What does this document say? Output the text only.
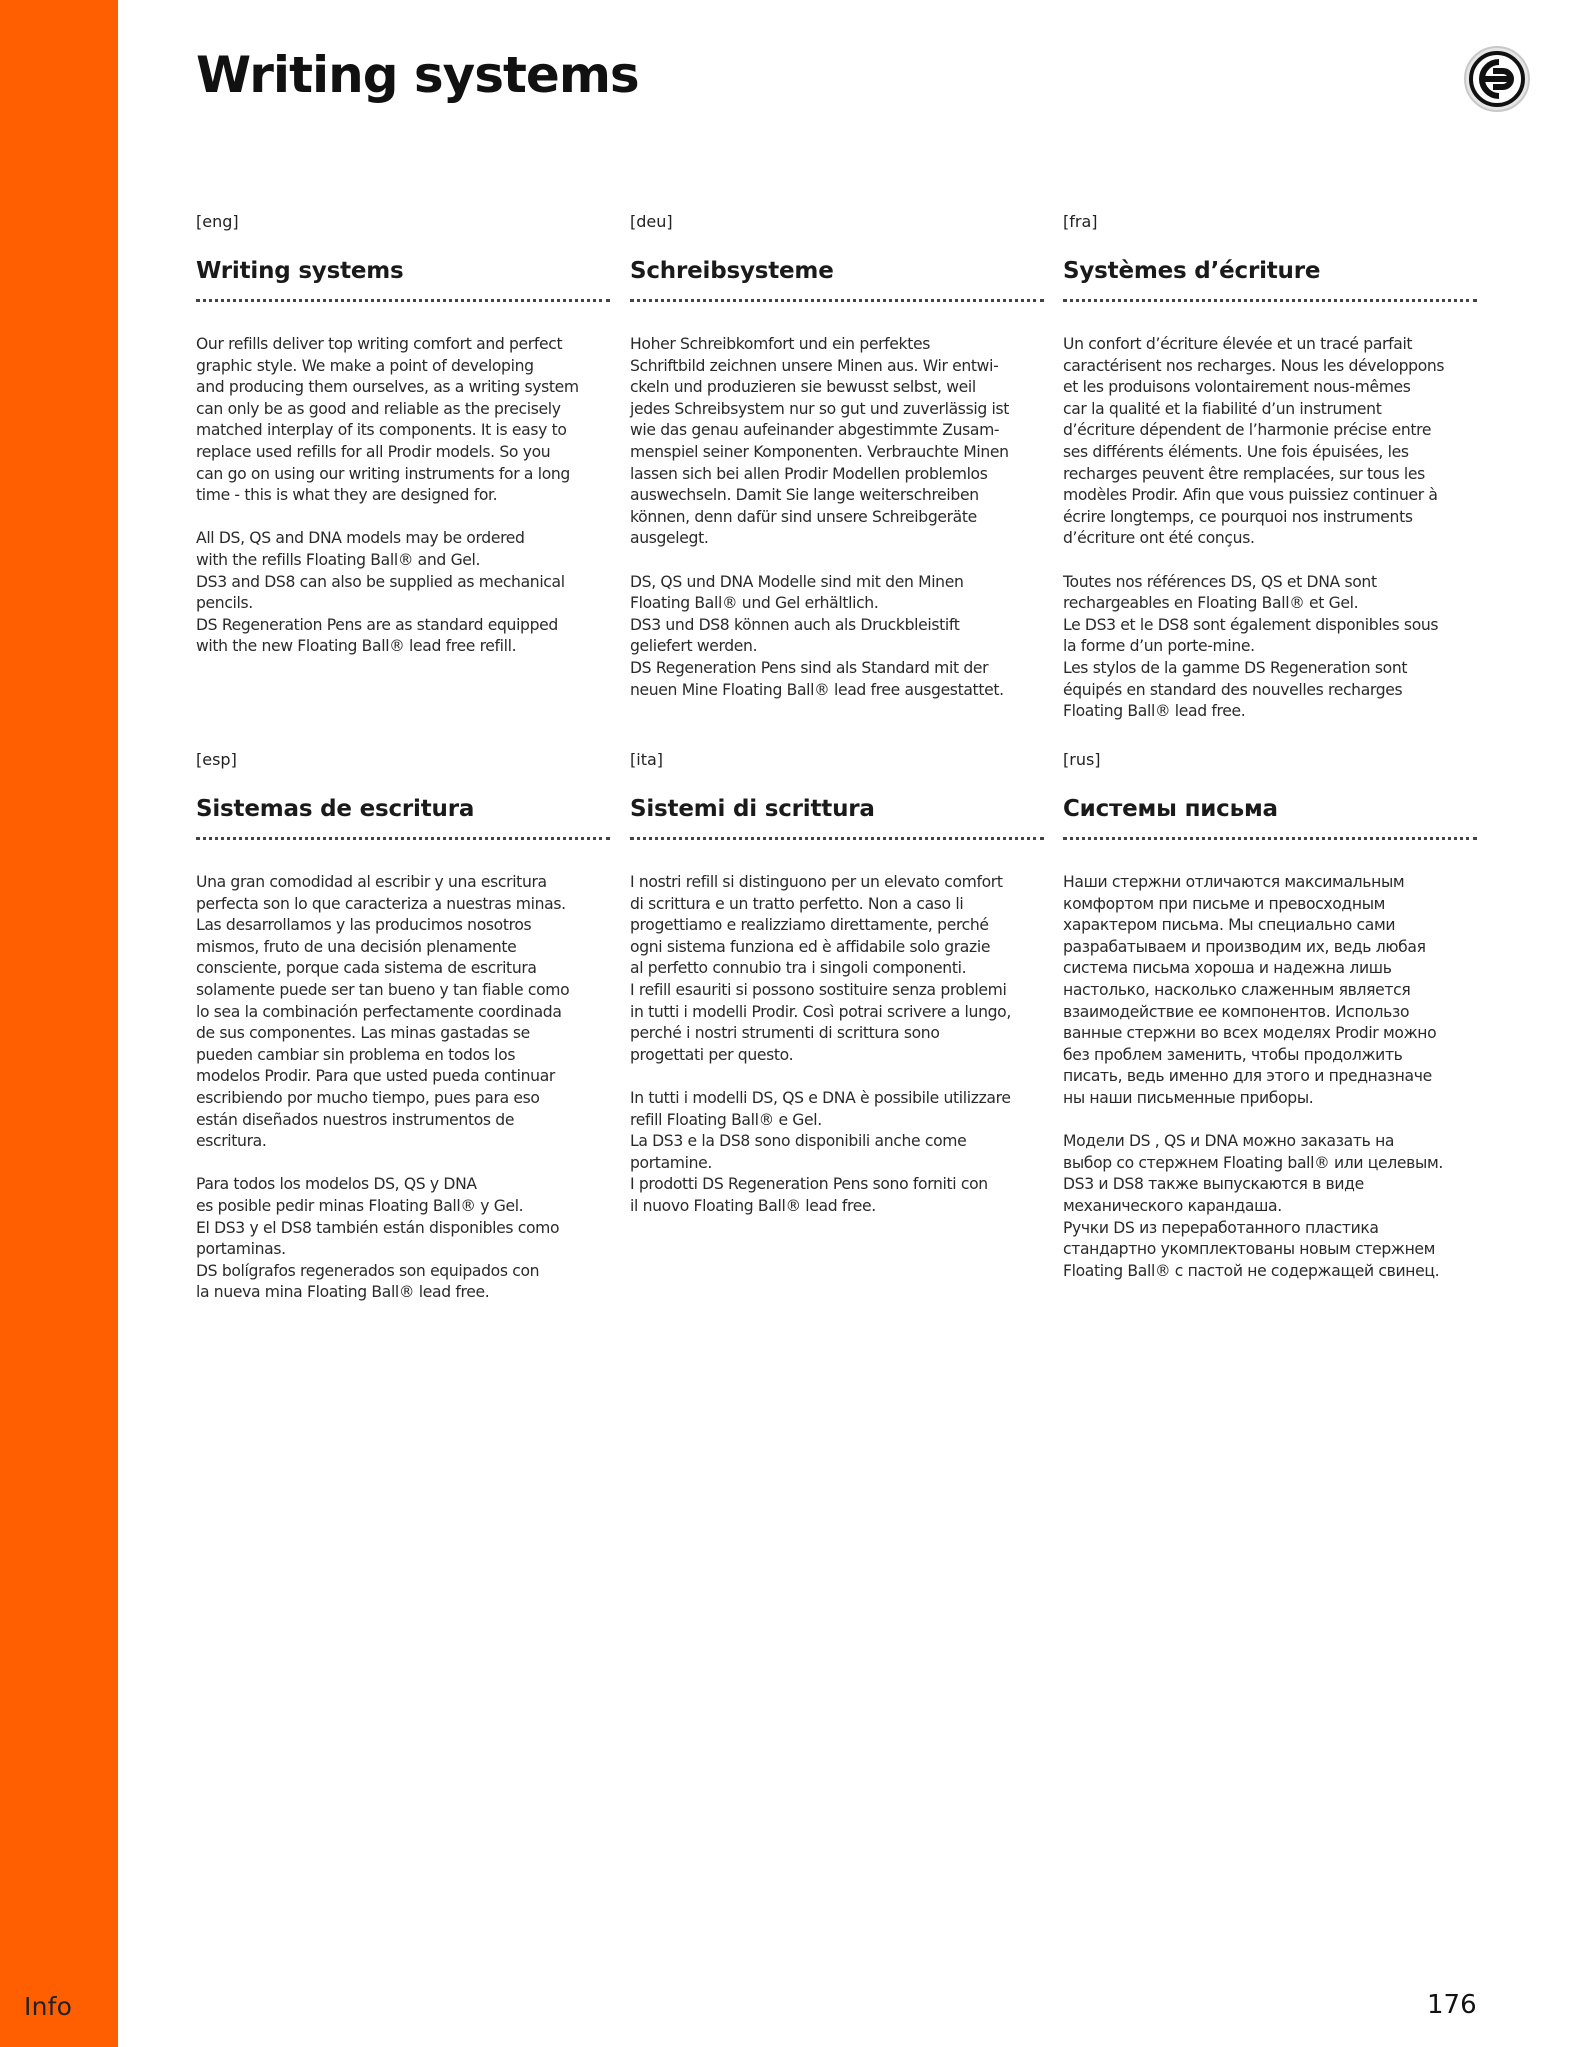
Info
Writing systems
[eng]
Writing systems

Our refills deliver top writing comfort and perfect
graphic style. We make a point of developing
and producing them ourselves, as a writing system
can only be as good and reliable as the precisely
matched interplay of its components. It is easy to
replace used refills for all Prodir models. So you
can go on using our writing instruments for a long
time - this is what they are designed for.

All DS, QS and DNA models may be ordered
with the refills Floating Ball® and Gel.
DS3 and DS8 can also be supplied as mechanical
pencils.
DS Regeneration Pens are as standard equipped
with the new Floating Ball® lead free refill.

[deu]
Schreibsysteme

Hoher Schreibkomfort und ein perfektes
Schriftbild zeichnen unsere Minen aus. Wir entwi-
ckeln und produzieren sie bewusst selbst, weil
jedes Schreibsystem nur so gut und zuverlässig ist
wie das genau aufeinander abgestimmte Zusam-
menspiel seiner Komponenten. Verbrauchte Minen
lassen sich bei allen Prodir Modellen problemlos
auswechseln. Damit Sie lange weiterschreiben
können, denn dafür sind unsere Schreibgeräte
ausgelegt.

DS, QS und DNA Modelle sind mit den Minen
Floating Ball® und Gel erhältlich.
DS3 und DS8 können auch als Druckbleistift
geliefert werden.
DS Regeneration Pens sind als Standard mit der
neuen Mine Floating Ball® lead free ausgestattet.

[fra]
Systèmes d’écriture

Un confort d’écriture élevée et un tracé parfait
caractérisent nos recharges. Nous les développons
et les produisons volontairement nous-mêmes
car la qualité et la fiabilité d’un instrument
d’écriture dépendent de l’harmonie précise entre
ses différents éléments. Une fois épuisées, les
recharges peuvent être remplacées, sur tous les
modèles Prodir. Afin que vous puissiez continuer à
écrire longtemps, ce pourquoi nos instruments
d’écriture ont été conçus.

Toutes nos références DS, QS et DNA sont
rechargeables en Floating Ball® et Gel.
Le DS3 et le DS8 sont également disponibles sous
la forme d’un porte-mine.
Les stylos de la gamme DS Regeneration sont
équipés en standard des nouvelles recharges
Floating Ball® lead free.

[esp]
Sistemas de escritura

Una gran comodidad al escribir y una escritura
perfecta son lo que caracteriza a nuestras minas.
Las desarrollamos y las producimos nosotros
mismos, fruto de una decisión plenamente
consciente, porque cada sistema de escritura
solamente puede ser tan bueno y tan fiable como
lo sea la combinación perfectamente coordinada
de sus componentes. Las minas gastadas se
pueden cambiar sin problema en todos los
modelos Prodir. Para que usted pueda continuar
escribiendo por mucho tiempo, pues para eso
están diseñados nuestros instrumentos de
escritura.

Para todos los modelos DS, QS y DNA
es posible pedir minas Floating Ball® y Gel.
El DS3 y el DS8 también están disponibles como
portaminas.
DS bolígrafos regenerados son equipados con
la nueva mina Floating Ball® lead free.

[ita]
Sistemi di scrittura

I nostri refill si distinguono per un elevato comfort
di scrittura e un tratto perfetto. Non a caso li
progettiamo e realizziamo direttamente, perché
ogni sistema funziona ed è affidabile solo grazie
al perfetto connubio tra i singoli componenti.
I refill esauriti si possono sostituire senza problemi
in tutti i modelli Prodir. Così potrai scrivere a lungo,
perché i nostri strumenti di scrittura sono
progettati per questo.

In tutti i modelli DS, QS e DNA è possibile utilizzare
refill Floating Ball® e Gel.
La DS3 e la DS8 sono disponibili anche come
portamine.
I prodotti DS Regeneration Pens sono forniti con
il nuovo Floating Ball® lead free.

[rus]
Системы письма

Наши стержни отличаются максимальным
комфортом при письме и превосходным
характером письма. Мы специально сами
разрабатываем и производим их, ведь любая
система письма хороша и надежна лишь
настолько, насколько слаженным является
взаимодействие ее компонентов. Использо
ванные стержни во всех моделях Prodir можно
без проблем заменить, чтобы продолжить
писать, ведь именно для этого и предназначе
ны наши письменные приборы.

Модели DS , QS и DNA можно заказать на
выбор со стержнем Floating ball® или целевым.
DS3 и DS8 также выпускаются в виде
механического карандаша.
Ручки DS из переработанного пластика
стандартно укомплектованы новым стержнем
Floating Ball® с пастой не содержащей свинец.

176
